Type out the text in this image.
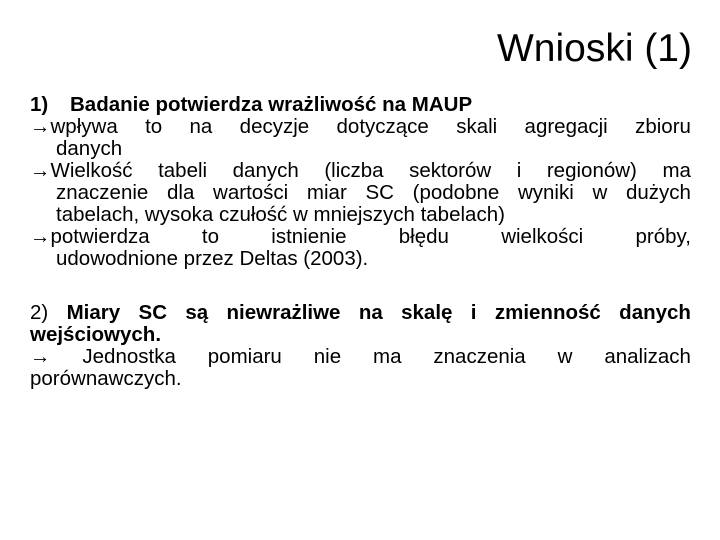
Wnioski (1)
1) Badanie potwierdza wrażliwość na MAUP
→wpływa to na decyzje dotyczące skali agregacji zbioru
danych
→Wielkość tabeli danych (liczba sektorów i regionów) ma
znaczenie dla wartości miar SC (podobne wyniki w dużych
tabelach, wysoka czułość w mniejszych tabelach)
→potwierdza	to	istnienie	błędu	wielkości	próby,
udowodnione przez Deltas (2003).
2) Miary SC są niewrażliwe na skalę i zmienność danych
wejściowych.
→ Jednostka pomiaru nie ma znaczenia w analizach
porównawczych.
